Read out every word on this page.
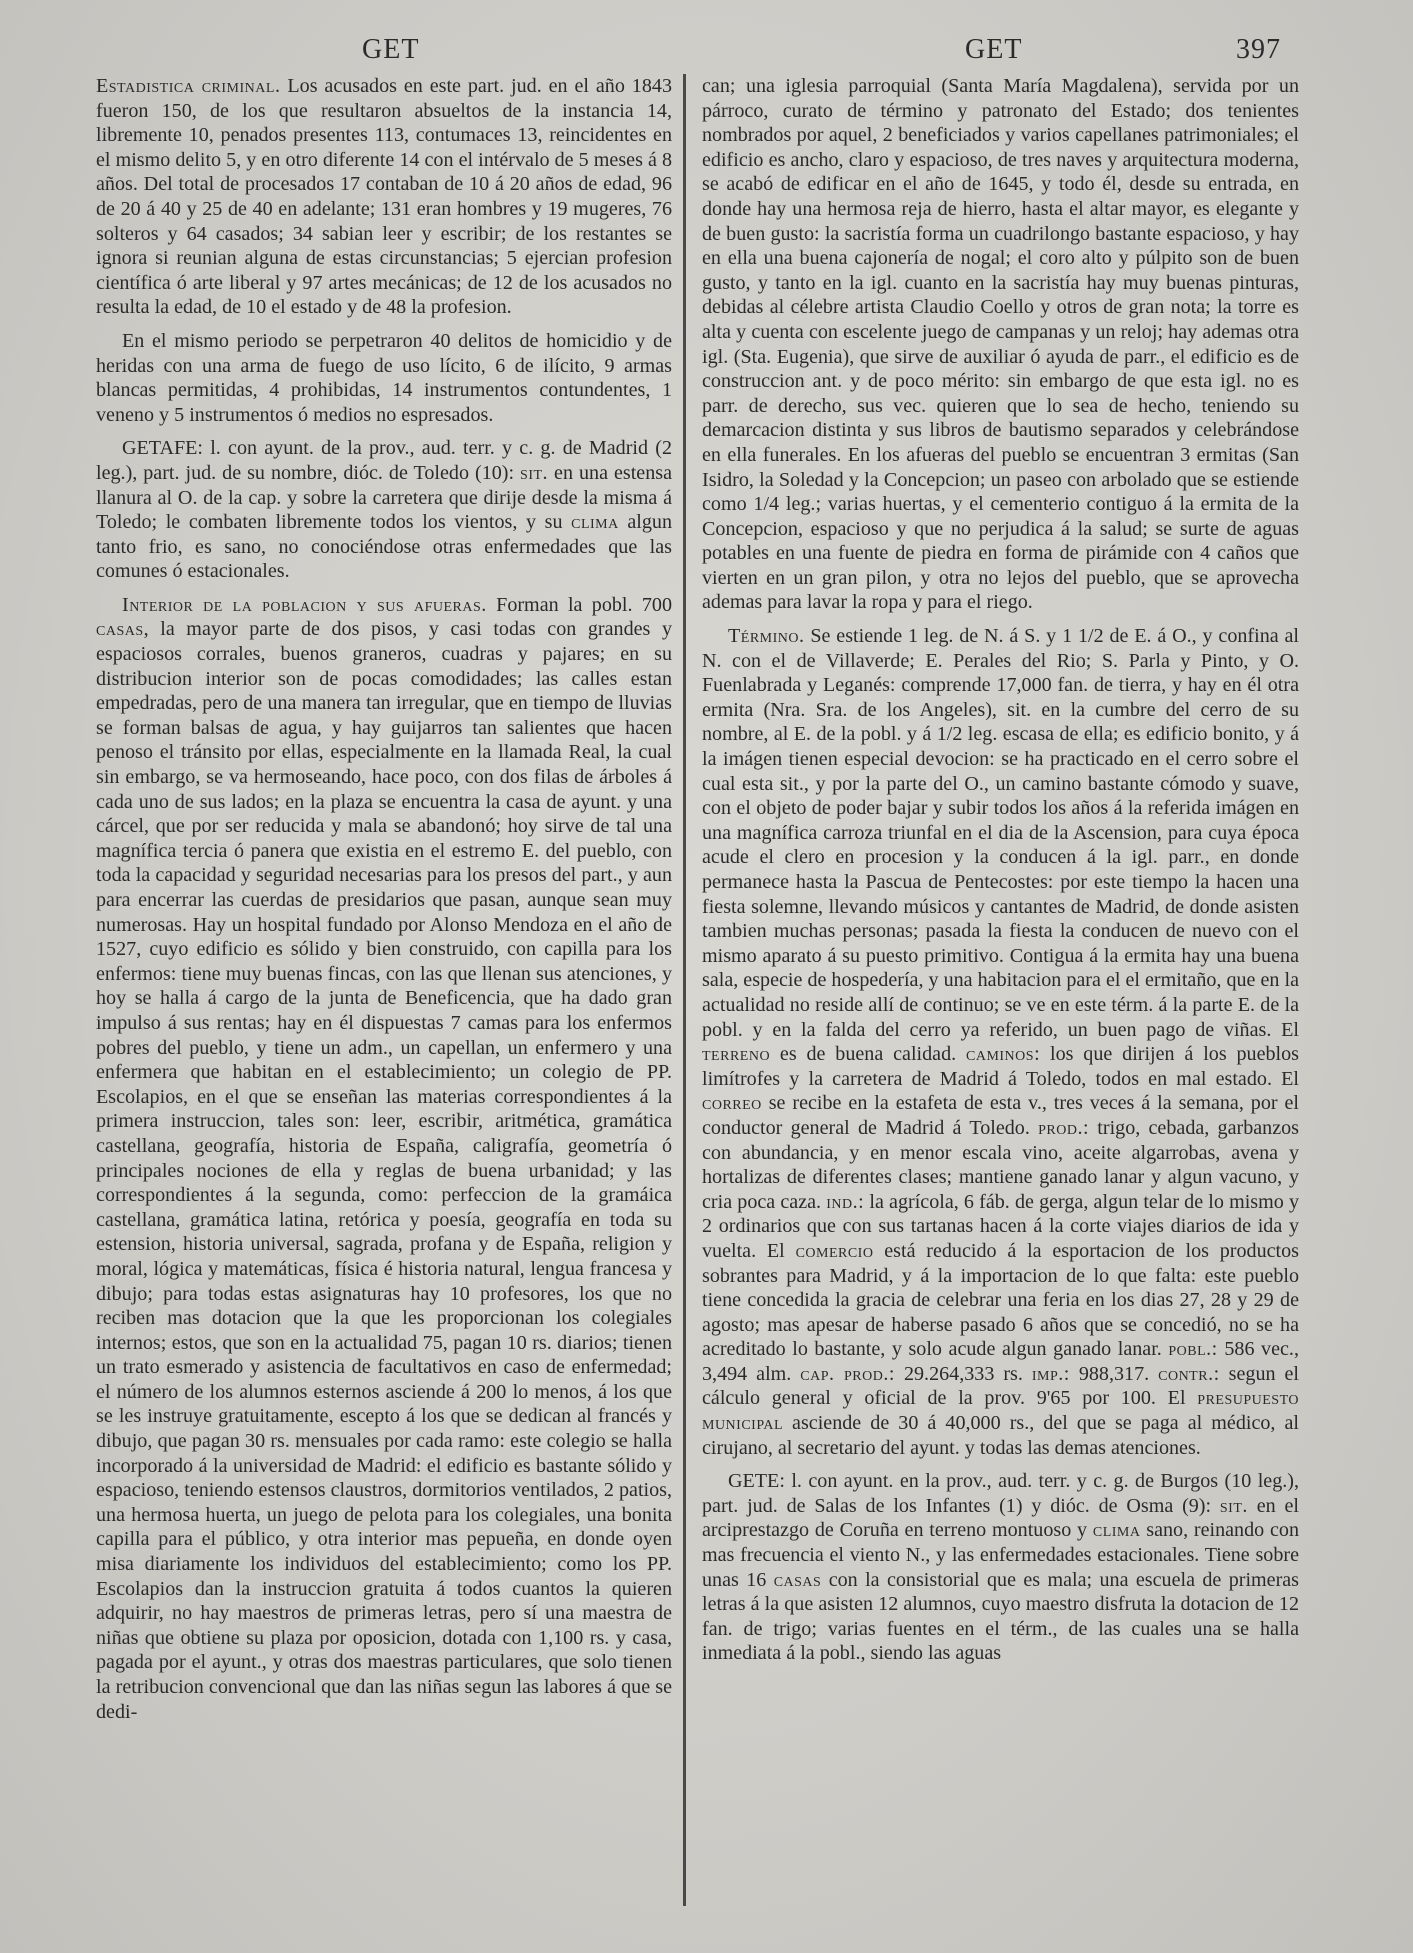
GET	GET	397

Estadistica criminal. Los acusados en este part. jud. en el año 1843 fueron 150, de los que resultaron absueltos de la instancia 14, libremente 10, penados presentes 113, contumaces 13, reincidentes en el mismo delito 5, y en otro diferente 14 con el intérvalo de 5 meses á 8 años. Del total de procesados 17 contaban de 10 á 20 años de edad, 96 de 20 á 40 y 25 de 40 en adelante; 131 eran hombres y 19 mugeres, 76 solteros y 64 casados; 34 sabian leer y escribir; de los restantes se ignora si reunian alguna de estas circunstancias; 5 ejercian profesion científica ó arte liberal y 97 artes mecánicas; de 12 de los acusados no resulta la edad, de 10 el estado y de 48 la profesion.

En el mismo periodo se perpetraron 40 delitos de homicidio y de heridas con una arma de fuego de uso lícito, 6 de ilícito, 9 armas blancas permitidas, 4 prohibidas, 14 instrumentos contundentes, 1 veneno y 5 instrumentos ó medios no espresados.

GETAFE: l. con ayunt. de la prov., aud. terr. y c. g. de Madrid (2 leg.), part. jud. de su nombre, dióc. de Toledo (10): sit. en una estensa llanura al O. de la cap. y sobre la carretera que dirije desde la misma á Toledo; le combaten libremente todos los vientos, y su clima algun tanto frio, es sano, no conociéndose otras enfermedades que las comunes ó estacionales.

Interior de la poblacion y sus afueras. Forman la pobl. 700 casas, la mayor parte de dos pisos, y casi todas con grandes y espaciosos corrales, buenos graneros, cuadras y pajares; en su distribucion interior son de pocas comodidades; las calles estan empedradas, pero de una manera tan irregular, que en tiempo de lluvias se forman balsas de agua, y hay guijarros tan salientes que hacen penoso el tránsito por ellas, especialmente en la llamada Real, la cual sin embargo, se va hermoseando, hace poco, con dos filas de árboles á cada uno de sus lados; en la plaza se encuentra la casa de ayunt. y una cárcel, que por ser reducida y mala se abandonó; hoy sirve de tal una magnífica tercia ó panera que existia en el estremo E. del pueblo, con toda la capacidad y seguridad necesarias para los presos del part., y aun para encerrar las cuerdas de presidarios que pasan, aunque sean muy numerosas. Hay un hospital fundado por Alonso Mendoza en el año de 1527, cuyo edificio es sólido y bien construido, con capilla para los enfermos: tiene muy buenas fincas, con las que llenan sus atenciones, y hoy se halla á cargo de la junta de Beneficencia, que ha dado gran impulso á sus rentas; hay en él dispuestas 7 camas para los enfermos pobres del pueblo, y tiene un adm., un capellan, un enfermero y una enfermera que habitan en el establecimiento; un colegio de PP. Escolapios, en el que se enseñan las materias correspondientes á la primera instruccion, tales son: leer, escribir, aritmética, gramática castellana, geografía, historia de España, caligrafía, geometría ó principales nociones de ella y reglas de buena urbanidad; y las correspondientes á la segunda, como: perfeccion de la gramáica castellana, gramática latina, retórica y poesía, geografía en toda su estension, historia universal, sagrada, profana y de España, religion y moral, lógica y matemáticas, física é historia natural, lengua francesa y dibujo; para todas estas asignaturas hay 10 profesores, los que no reciben mas dotacion que la que les proporcionan los colegiales internos; estos, que son en la actualidad 75, pagan 10 rs. diarios; tienen un trato esmerado y asistencia de facultativos en caso de enfermedad; el número de los alumnos esternos asciende á 200 lo menos, á los que se les instruye gratuitamente, escepto á los que se dedican al francés y dibujo, que pagan 30 rs. mensuales por cada ramo: este colegio se halla incorporado á la universidad de Madrid: el edificio es bastante sólido y espacioso, teniendo estensos claustros, dormitorios ventilados, 2 patios, una hermosa huerta, un juego de pelota para los colegiales, una bonita capilla para el público, y otra interior mas pepueña, en donde oyen misa diariamente los individuos del establecimiento; como los PP. Escolapios dan la instruccion gratuita á todos cuantos la quieren adquirir, no hay maestros de primeras letras, pero sí una maestra de niñas que obtiene su plaza por oposicion, dotada con 1,100 rs. y casa, pagada por el ayunt., y otras dos maestras particulares, que solo tienen la retribucion convencional que dan las niñas segun las labores á que se dedi-

can; una iglesia parroquial (Santa María Magdalena), servida por un párroco, curato de término y patronato del Estado; dos tenientes nombrados por aquel, 2 beneficiados y varios capellanes patrimoniales; el edificio es ancho, claro y espacioso, de tres naves y arquitectura moderna, se acabó de edificar en el año de 1645, y todo él, desde su entrada, en donde hay una hermosa reja de hierro, hasta el altar mayor, es elegante y de buen gusto: la sacristía forma un cuadrilongo bastante espacioso, y hay en ella una buena cajonería de nogal; el coro alto y púlpito son de buen gusto, y tanto en la igl. cuanto en la sacristía hay muy buenas pinturas, debidas al célebre artista Claudio Coello y otros de gran nota; la torre es alta y cuenta con escelente juego de campanas y un reloj; hay ademas otra igl. (Sta. Eugenia), que sirve de auxiliar ó ayuda de parr., el edificio es de construccion ant. y de poco mérito: sin embargo de que esta igl. no es parr. de derecho, sus vec. quieren que lo sea de hecho, teniendo su demarcacion distinta y sus libros de bautismo separados y celebrándose en ella funerales. En los afueras del pueblo se encuentran 3 ermitas (San Isidro, la Soledad y la Concepcion; un paseo con arbolado que se estiende como 1/4 leg.; varias huertas, y el cementerio contiguo á la ermita de la Concepcion, espacioso y que no perjudica á la salud; se surte de aguas potables en una fuente de piedra en forma de pirámide con 4 caños que vierten en un gran pilon, y otra no lejos del pueblo, que se aprovecha ademas para lavar la ropa y para el riego.

Término. Se estiende 1 leg. de N. á S. y 1 1/2 de E. á O., y confina al N. con el de Villaverde; E. Perales del Rio; S. Parla y Pinto, y O. Fuenlabrada y Leganés: comprende 17,000 fan. de tierra, y hay en él otra ermita (Nra. Sra. de los Angeles), sit. en la cumbre del cerro de su nombre, al E. de la pobl. y á 1/2 leg. escasa de ella; es edificio bonito, y á la imágen tienen especial devocion: se ha practicado en el cerro sobre el cual esta sit., y por la parte del O., un camino bastante cómodo y suave, con el objeto de poder bajar y subir todos los años á la referida imágen en una magnífica carroza triunfal en el dia de la Ascension, para cuya época acude el clero en procesion y la conducen á la igl. parr., en donde permanece hasta la Pascua de Pentecostes: por este tiempo la hacen una fiesta solemne, llevando músicos y cantantes de Madrid, de donde asisten tambien muchas personas; pasada la fiesta la conducen de nuevo con el mismo aparato á su puesto primitivo. Contigua á la ermita hay una buena sala, especie de hospedería, y una habitacion para el el ermitaño, que en la actualidad no reside allí de continuo; se ve en este térm. á la parte E. de la pobl. y en la falda del cerro ya referido, un buen pago de viñas. El terreno es de buena calidad. caminos: los que dirijen á los pueblos limítrofes y la carretera de Madrid á Toledo, todos en mal estado. El correo se recibe en la estafeta de esta v., tres veces á la semana, por el conductor general de Madrid á Toledo. prod.: trigo, cebada, garbanzos con abundancia, y en menor escala vino, aceite algarrobas, avena y hortalizas de diferentes clases; mantiene ganado lanar y algun vacuno, y cria poca caza. ind.: la agrícola, 6 fáb. de gerga, algun telar de lo mismo y 2 ordinarios que con sus tartanas hacen á la corte viajes diarios de ida y vuelta. El comercio está reducido á la esportacion de los productos sobrantes para Madrid, y á la importacion de lo que falta: este pueblo tiene concedida la gracia de celebrar una feria en los dias 27, 28 y 29 de agosto; mas apesar de haberse pasado 6 años que se concedió, no se ha acreditado lo bastante, y solo acude algun ganado lanar. pobl.: 586 vec., 3,494 alm. cap. prod.: 29.264,333 rs. imp.: 988,317. contr.: segun el cálculo general y oficial de la prov. 9'65 por 100. El presupuesto municipal asciende de 30 á 40,000 rs., del que se paga al médico, al cirujano, al secretario del ayunt. y todas las demas atenciones.

GETE: l. con ayunt. en la prov., aud. terr. y c. g. de Burgos (10 leg.), part. jud. de Salas de los Infantes (1) y dióc. de Osma (9): sit. en el arciprestazgo de Coruña en terreno montuoso y clima sano, reinando con mas frecuencia el viento N., y las enfermedades estacionales. Tiene sobre unas 16 casas con la consistorial que es mala; una escuela de primeras letras á la que asisten 12 alumnos, cuyo maestro disfruta la dotacion de 12 fan. de trigo; varias fuentes en el térm., de las cuales una se halla inmediata á la pobl., siendo las aguas
